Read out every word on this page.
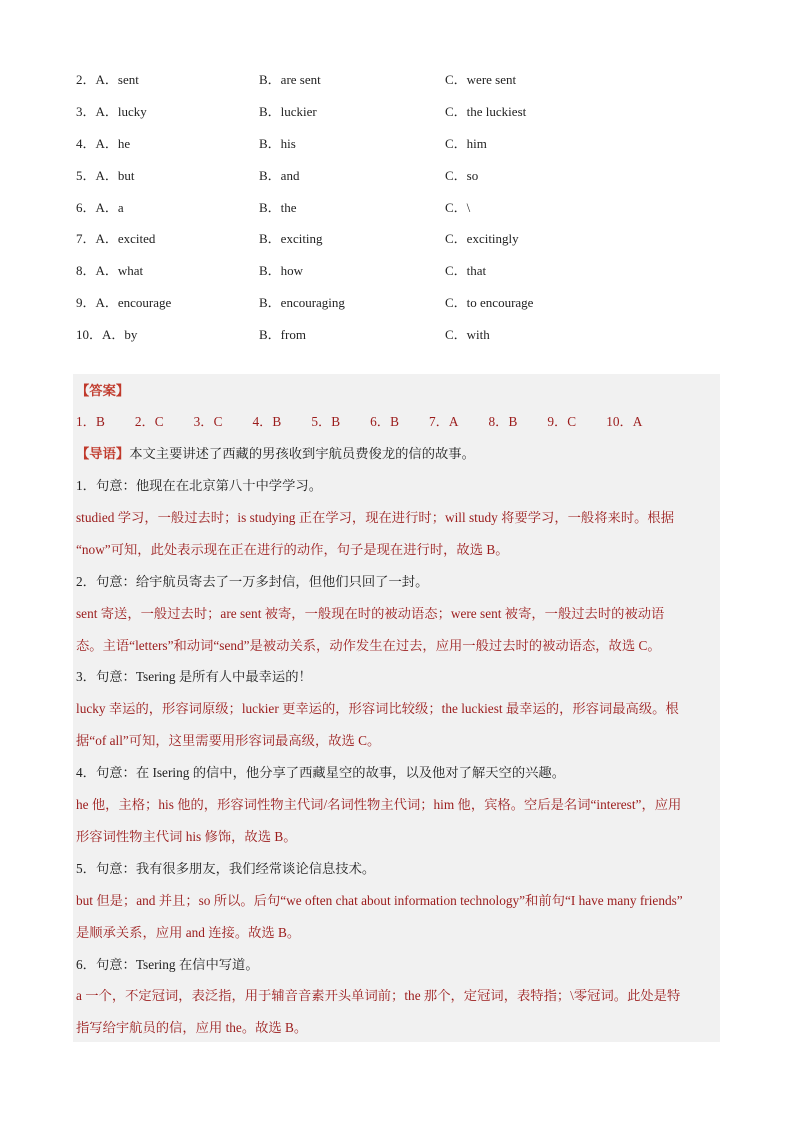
2．A．sent	B．are sent	C．were sent
3．A．lucky	B．luckier	C．the luckiest
4．A．he	B．his	C．him
5．A．but	B．and	C．so
6．A．a	B．the	C．\
7．A．excited	B．exciting	C．excitingly
8．A．what	B．how	C．that
9．A．encourage	B．encouraging	C．to encourage
10．A．by	B．from	C．with
【答案】
1．B 2．C 3．C 4．B 5．B 6．B 7．A 8．B 9．C 10．A
【导语】本文主要讲述了西藏的男孩收到宇航员费俊龙的信的故事。
1．句意：他现在在北京第八十中学学习。
studied 学习，一般过去时；is studying 正在学习，现在进行时；will study 将要学习，一般将来时。根据
“now”可知，此处表示现在正在进行的动作，句子是现在进行时，故选 B。
2．句意：给宇航员寄去了一万多封信，但他们只回了一封。
sent 寄送，一般过去时；are sent 被寄，一般现在时的被动语态；were sent 被寄，一般过去时的被动语
态。主语“letters”和动词“send”是被动关系，动作发生在过去，应用一般过去时的被动语态，故选 C。
3．句意：Tsering 是所有人中最幸运的！
lucky 幸运的，形容词原级；luckier 更幸运的，形容词比较级；the luckiest 最幸运的，形容词最高级。根
据“of all”可知，这里需要用形容词最高级，故选 C。
4．句意：在 Isering 的信中，他分享了西藏星空的故事，以及他对了解天空的兴趣。
he 他，主格；his 他的，形容词性物主代词/名词性物主代词；him 他，宾格。空后是名词“interest”，应用
形容词性物主代词 his 修饰，故选 B。
5．句意：我有很多朋友，我们经常谈论信息技术。
but 但是；and 并且；so 所以。后句“we often chat about information technology”和前句“I have many friends”
是顺承关系，应用 and 连接。故选 B。
6．句意：Tsering 在信中写道。
a 一个，不定冠词，表泛指，用于辅音音素开头单词前；the 那个，定冠词，表特指；\零冠词。此处是特
指写给宇航员的信，应用 the。故选 B。
